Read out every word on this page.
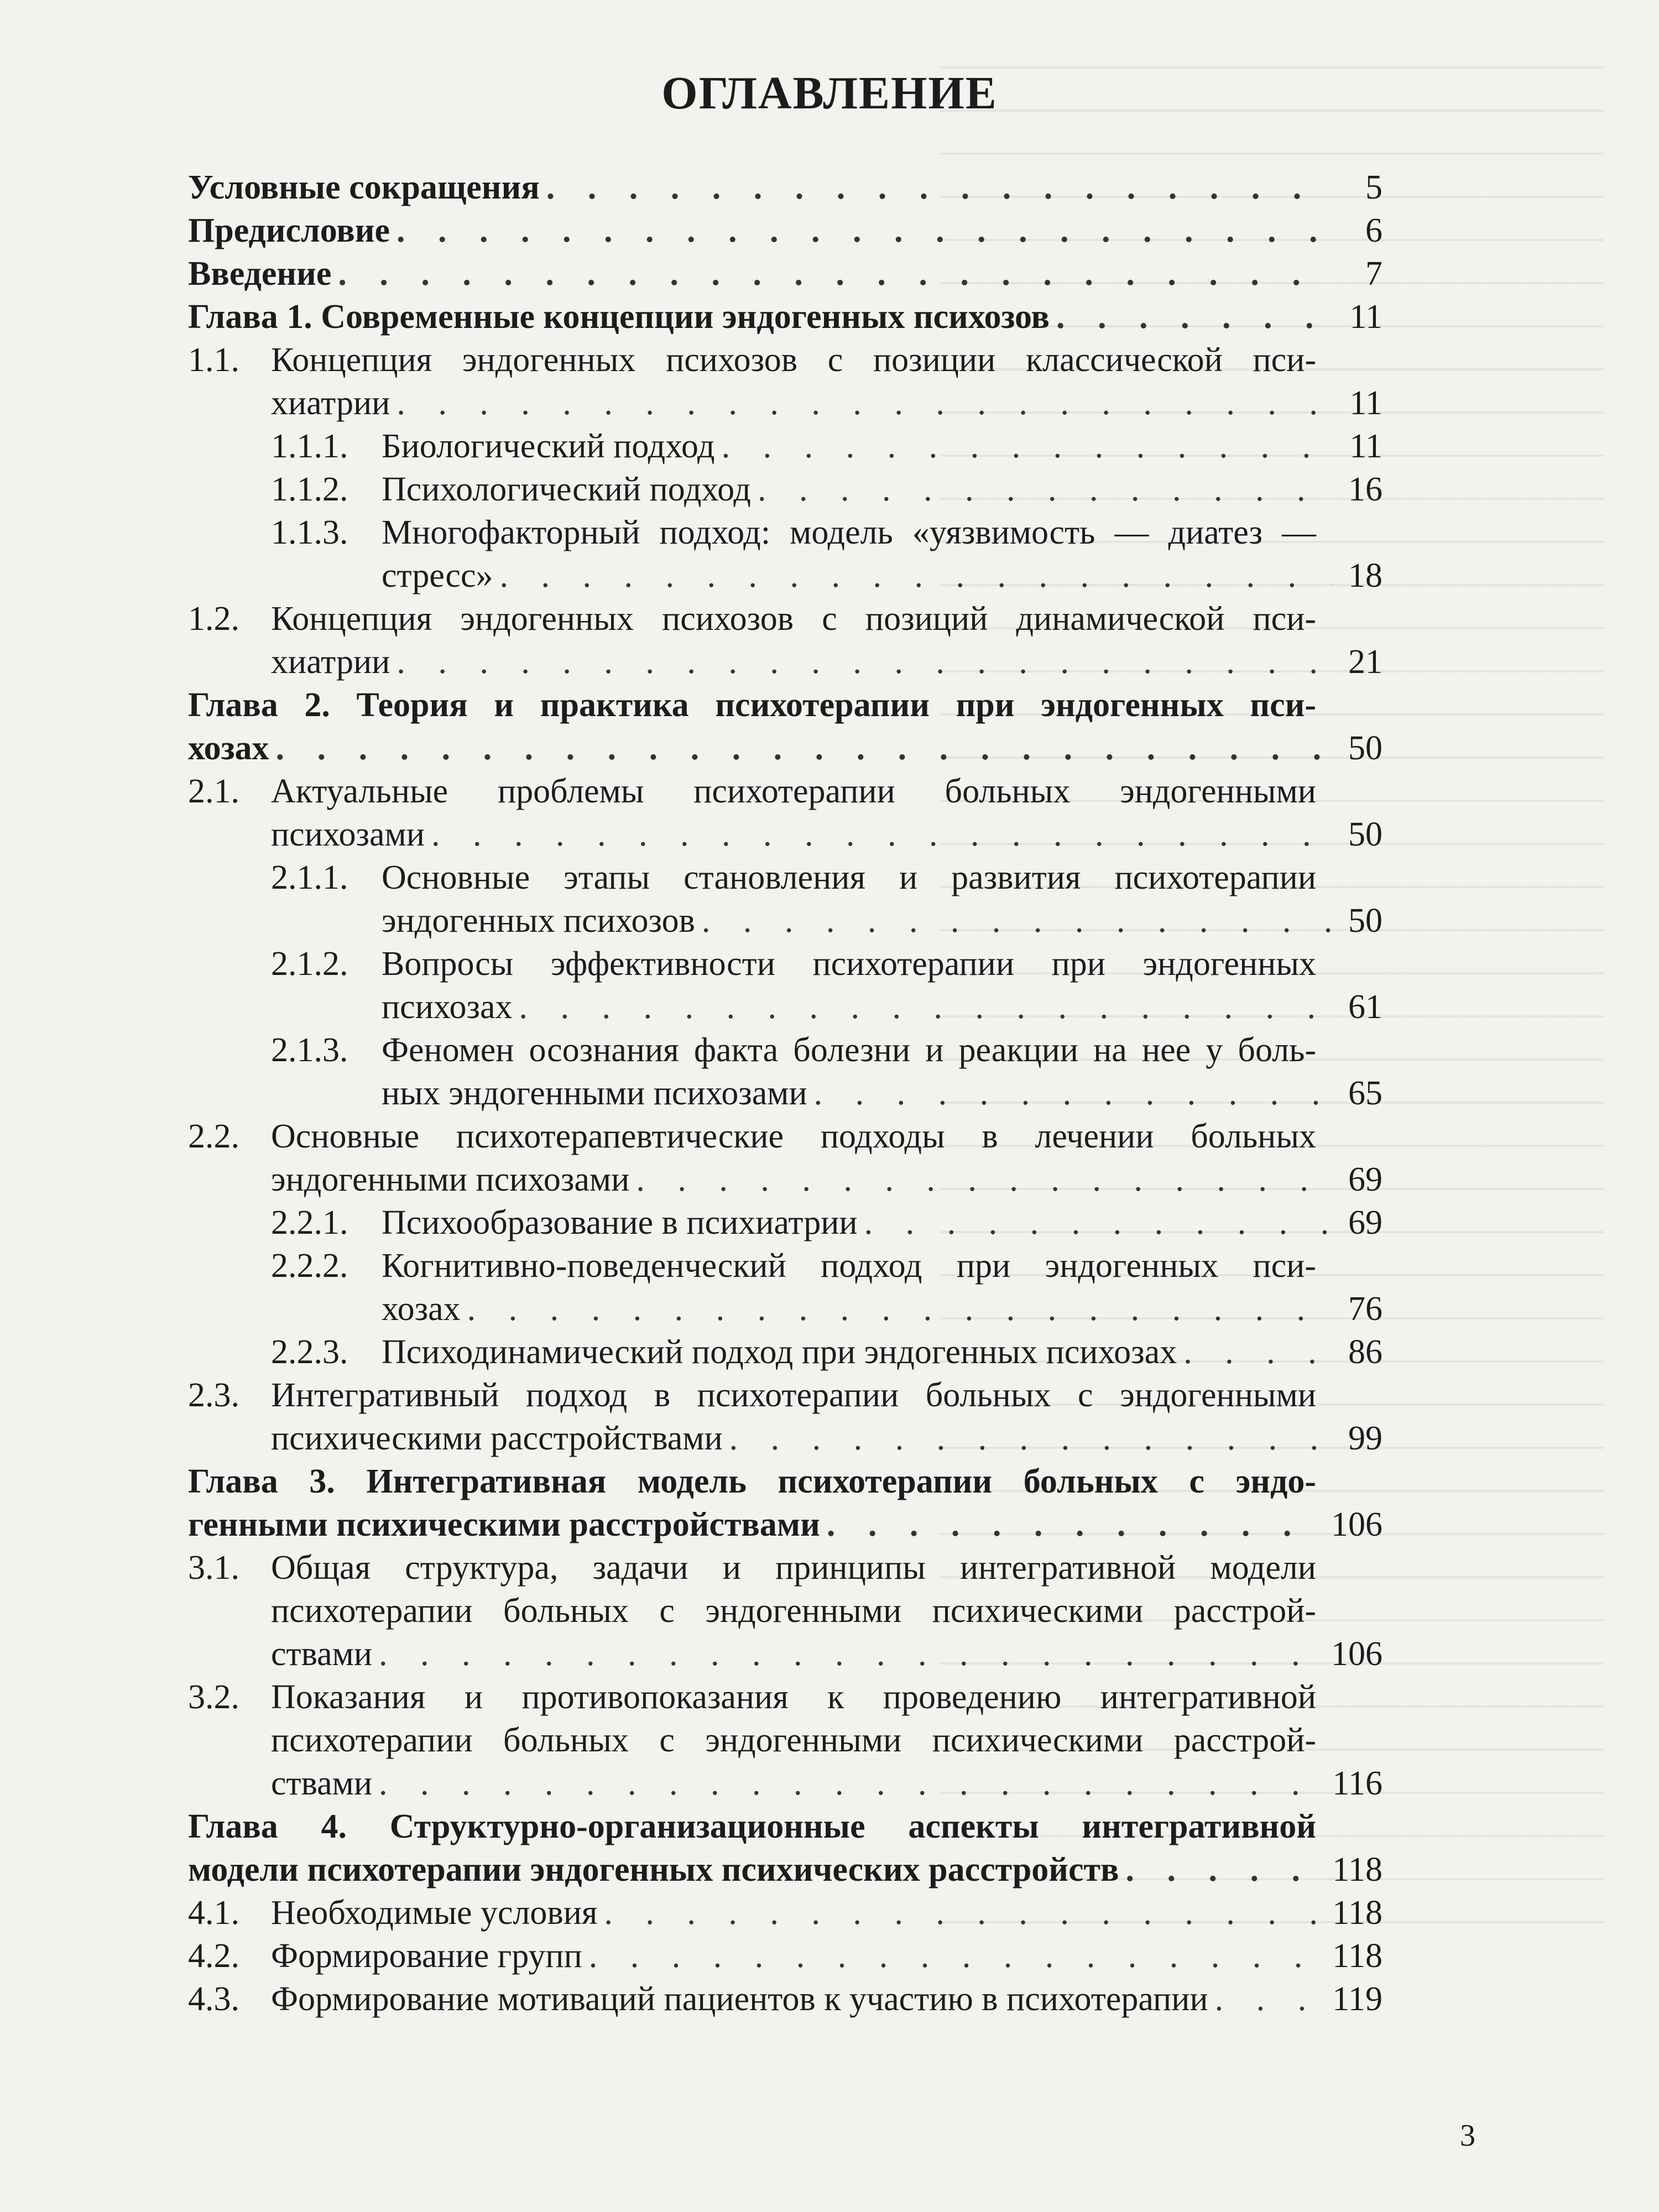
ОГЛАВЛЕНИЕ
Условные сокращения . . .	5
Предисловие . . .	6
Введение . . .	7
Глава 1. Современные концепции эндогенных психозов . . .	11
1.1. Концепция эндогенных психозов с позиции классической пси-
хиатрии . . .	11
1.1.1. Биологический подход . . .	11
1.1.2. Психологический подход . . .	16
1.1.3. Многофакторный подход: модель «уязвимость — диатез —
стресс» . . .	18
1.2. Концепция эндогенных психозов с позиций динамической пси-
хиатрии . . .	21
Глава 2. Теория и практика психотерапии при эндогенных пси-
хозах . . .	50
2.1. Актуальные проблемы психотерапии больных эндогенными
психозами . . .	50
2.1.1. Основные этапы становления и развития психотерапии
эндогенных психозов . . .	50
2.1.2. Вопросы эффективности психотерапии при эндогенных
психозах . . .	61
2.1.3. Феномен осознания факта болезни и реакции на нее у боль-
ных эндогенными психозами . . .	65
2.2. Основные психотерапевтические подходы в лечении больных
эндогенными психозами . . .	69
2.2.1. Психообразование в психиатрии . . .	69
2.2.2. Когнитивно-поведенческий подход при эндогенных пси-
хозах . . .	76
2.2.3. Психодинамический подход при эндогенных психозах . . .	86
2.3. Интегративный подход в психотерапии больных с эндогенными
психическими расстройствами . . .	99
Глава 3. Интегративная модель психотерапии больных с эндо-
генными психическими расстройствами . . .	106
3.1. Общая структура, задачи и принципы интегративной модели
психотерапии больных с эндогенными психическими расстрой-
ствами . . .	106
3.2. Показания и противопоказания к проведению интегративной
психотерапии больных с эндогенными психическими расстрой-
ствами . . .	116
Глава 4. Структурно-организационные аспекты интегративной
модели психотерапии эндогенных психических расстройств . . .	118
4.1. Необходимые условия . . .	118
4.2. Формирование групп . . .	118
4.3. Формирование мотиваций пациентов к участию в психотерапии . . .	119
3
